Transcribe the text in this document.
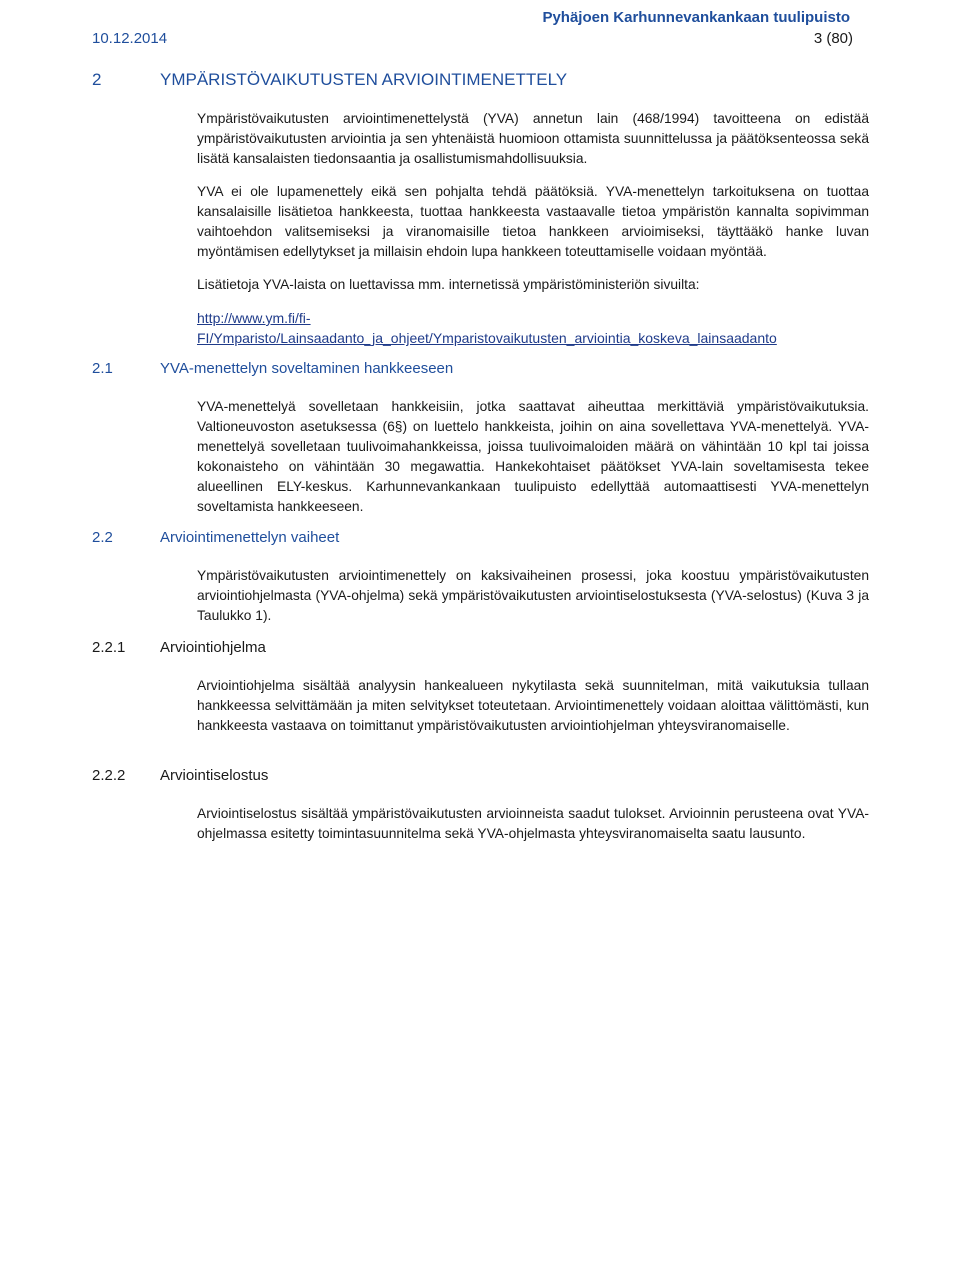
Pyhäjoen Karhunnevankankaan tuulipuisto
10.12.2014	3 (80)
2	YMPÄRISTÖVAIKUTUSTEN ARVIOINTIMENETTELY
Ympäristövaikutusten arviointimenettelystä (YVA) annetun lain (468/1994) tavoitteena on edistää ympäristövaikutusten arviointia ja sen yhtenäistä huomioon ottamista suunnittelussa ja päätöksenteossa sekä lisätä kansalaisten tiedonsaantia ja osallistumismahdollisuuksia.
YVA ei ole lupamenettely eikä sen pohjalta tehdä päätöksiä. YVA-menettelyn tarkoituksena on tuottaa kansalaisille lisätietoa hankkeesta, tuottaa hankkeesta vastaavalle tietoa ympäristön kannalta sopivimman vaihtoehdon valitsemiseksi ja viranomaisille tietoa hankkeen arvioimiseksi, täyttääkö hanke luvan myöntämisen edellytykset ja millaisin ehdoin lupa hankkeen toteuttamiselle voidaan myöntää.
Lisätietoja YVA-laista on luettavissa mm. internetissä ympäristöministeriön sivuilta:
http://www.ym.fi/fi-
FI/Ymparisto/Lainsaadanto_ja_ohjeet/Ymparistovaikutusten_arviointia_koskeva_lainsaadanto
2.1	YVA-menettelyn soveltaminen hankkeeseen
YVA-menettelyä sovelletaan hankkeisiin, jotka saattavat aiheuttaa merkittäviä ympäristövaikutuksia. Valtioneuvoston asetuksessa (6§) on luettelo hankkeista, joihin on aina sovellettava YVA-menettelyä. YVA-menettelyä sovelletaan tuulivoimahankkeissa, joissa tuulivoimaloiden määrä on vähintään 10 kpl tai joissa kokonaisteho on vähintään 30 megawattia. Hankekohtaiset päätökset YVA-lain soveltamisesta tekee alueellinen ELY-keskus. Karhunnevankankaan tuulipuisto edellyttää automaattisesti YVA-menettelyn soveltamista hankkeeseen.
2.2	Arviointimenettelyn vaiheet
Ympäristövaikutusten arviointimenettely on kaksivaiheinen prosessi, joka koostuu ympäristövaikutusten arviointiohjelmasta (YVA-ohjelma) sekä ympäristövaikutusten arviointiselostuksesta (YVA-selostus) (Kuva 3 ja Taulukko 1).
2.2.1 Arviointiohjelma
Arviointiohjelma sisältää analyysin hankealueen nykytilasta sekä suunnitelman, mitä vaikutuksia tullaan hankkeessa selvittämään ja miten selvitykset toteutetaan. Arviointimenettely voidaan aloittaa välittömästi, kun hankkeesta vastaava on toimittanut ympäristövaikutusten arviointiohjelman yhteysviranomaiselle.
2.2.2 Arviointiselostus
Arviointiselostus sisältää ympäristövaikutusten arvioinneista saadut tulokset. Arvioinnin perusteena ovat YVA-ohjelmassa esitetty toimintasuunnitelma sekä YVA-ohjelmasta yhteysviranomaiselta saatu lausunto.
